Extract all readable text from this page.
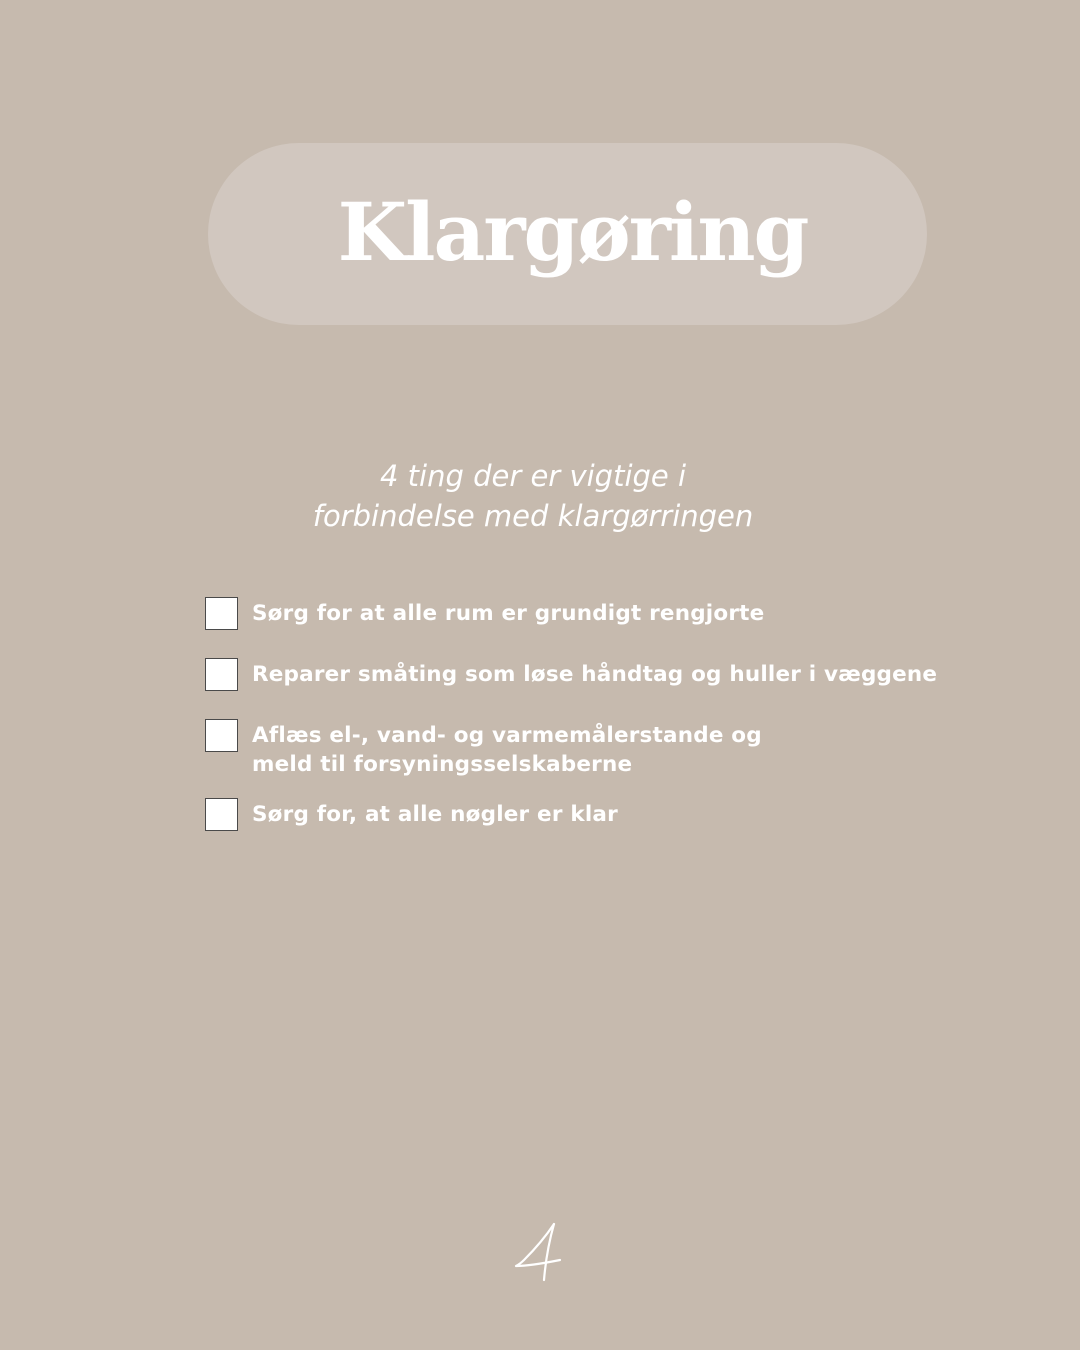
Klargøring
4 ting der er vigtige i
forbindelse med klargørringen
Sørg for at alle rum er grundigt rengjorte
Reparer småting som løse håndtag og huller i væggene
Aflæs el-, vand- og varmemålerstande og
meld til forsyningsselskaberne
Sørg for, at alle nøgler er klar
